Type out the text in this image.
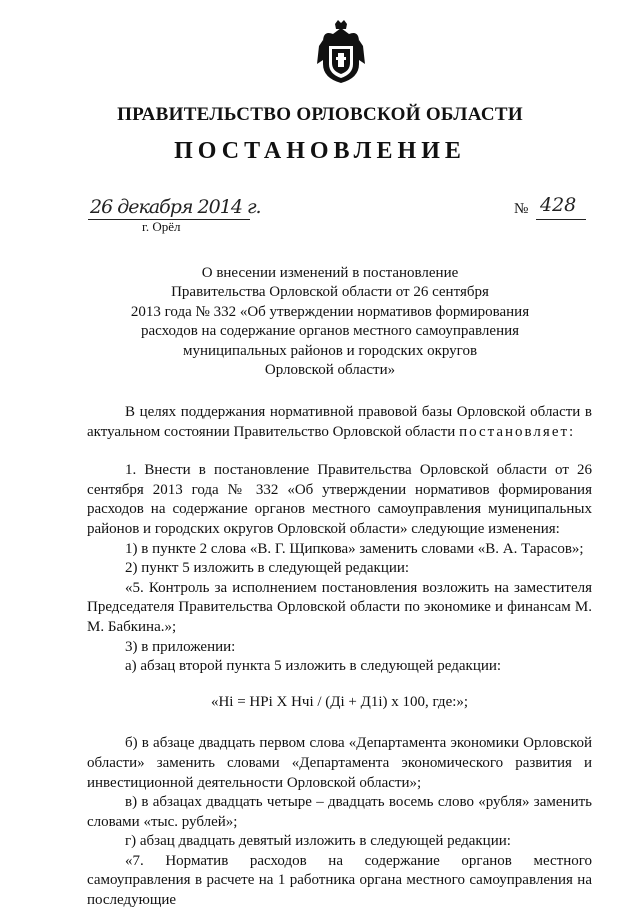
ПРАВИТЕЛЬСТВО ОРЛОВСКОЙ ОБЛАСТИ
ПОСТАНОВЛЕНИЕ
26 декабря 2014 г.
г. Орёл
№ 428
О внесении изменений в постановление
Правительства Орловской области от 26 сентября
2013 года № 332 «Об утверждении нормативов формирования
расходов на содержание органов местного самоуправления
муниципальных районов и городских округов
Орловской области»

В целях поддержания нормативной правовой базы Орловской области в актуальном состоянии Правительство Орловской области постановляет:

1. Внести в постановление Правительства Орловской области от 26 сентября 2013 года № 332 «Об утверждении нормативов формирования расходов на содержание органов местного самоуправления муниципальных районов и городских округов Орловской области» следующие изменения:

1) в пункте 2 слова «В. Г. Щипкова» заменить словами «В. А. Тарасов»;

2) пункт 5 изложить в следующей редакции:

«5. Контроль за исполнением постановления возложить на заместителя Председателя Правительства Орловской области по экономике и финансам М. М. Бабкина.»;

3) в приложении:

а) абзац второй пункта 5 изложить в следующей редакции:

«Hi = HPi X Hчi / (Дi + Д1i) x 100, где:»;

б) в абзаце двадцать первом слова «Департамента экономики Орловской области» заменить словами «Департамента экономического развития и инвестиционной деятельности Орловской области»;

в) в абзацах двадцать четыре – двадцать восемь слово «рубля» заменить словами «тыс. рублей»;

г) абзац двадцать девятый изложить в следующей редакции:

«7. Норматив расходов на содержание органов местного самоуправления в расчете на 1 работника органа местного самоуправления на последующие
